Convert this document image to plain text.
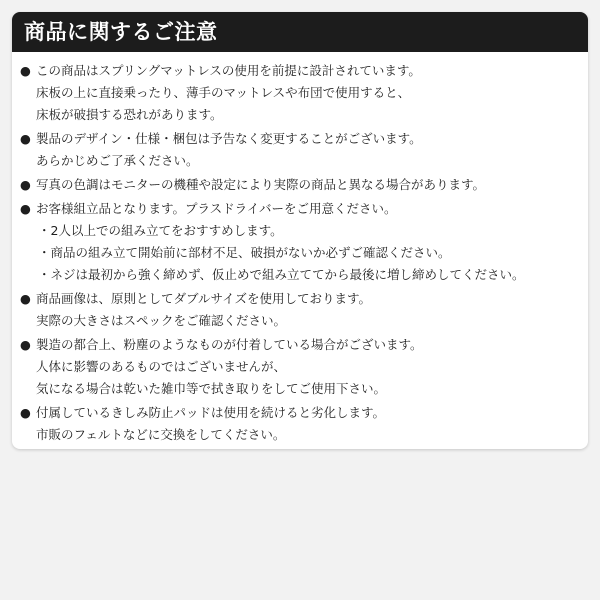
商品に関するご注意
● この商品はスプリングマットレスの使用を前提に設計されています。
床板の上に直接乗ったり、薄手のマットレスや布団で使用すると、
床板が破損する恐れがあります。
● 製品のデザイン・仕様・梱包は予告なく変更することがございます。
あらかじめご了承ください。
● 写真の色調はモニターの機種や設定により実際の商品と異なる場合があります。
● お客様組立品となります。プラスドライバーをご用意ください。
・2人以上での組み立てをおすすめします。
・商品の組み立て開始前に部材不足、破損がないか必ずご確認ください。
・ネジは最初から強く締めず、仮止めで組み立ててから最後に増し締めしてください。
● 商品画像は、原則としてダブルサイズを使用しております。
実際の大きさはスペックをご確認ください。
● 製造の都合上、粉塵のようなものが付着している場合がございます。
人体に影響のあるものではございませんが、
気になる場合は乾いた雑巾等で拭き取りをしてご使用下さい。
● 付属しているきしみ防止パッドは使用を続けると劣化します。
市販のフェルトなどに交換をしてください。
